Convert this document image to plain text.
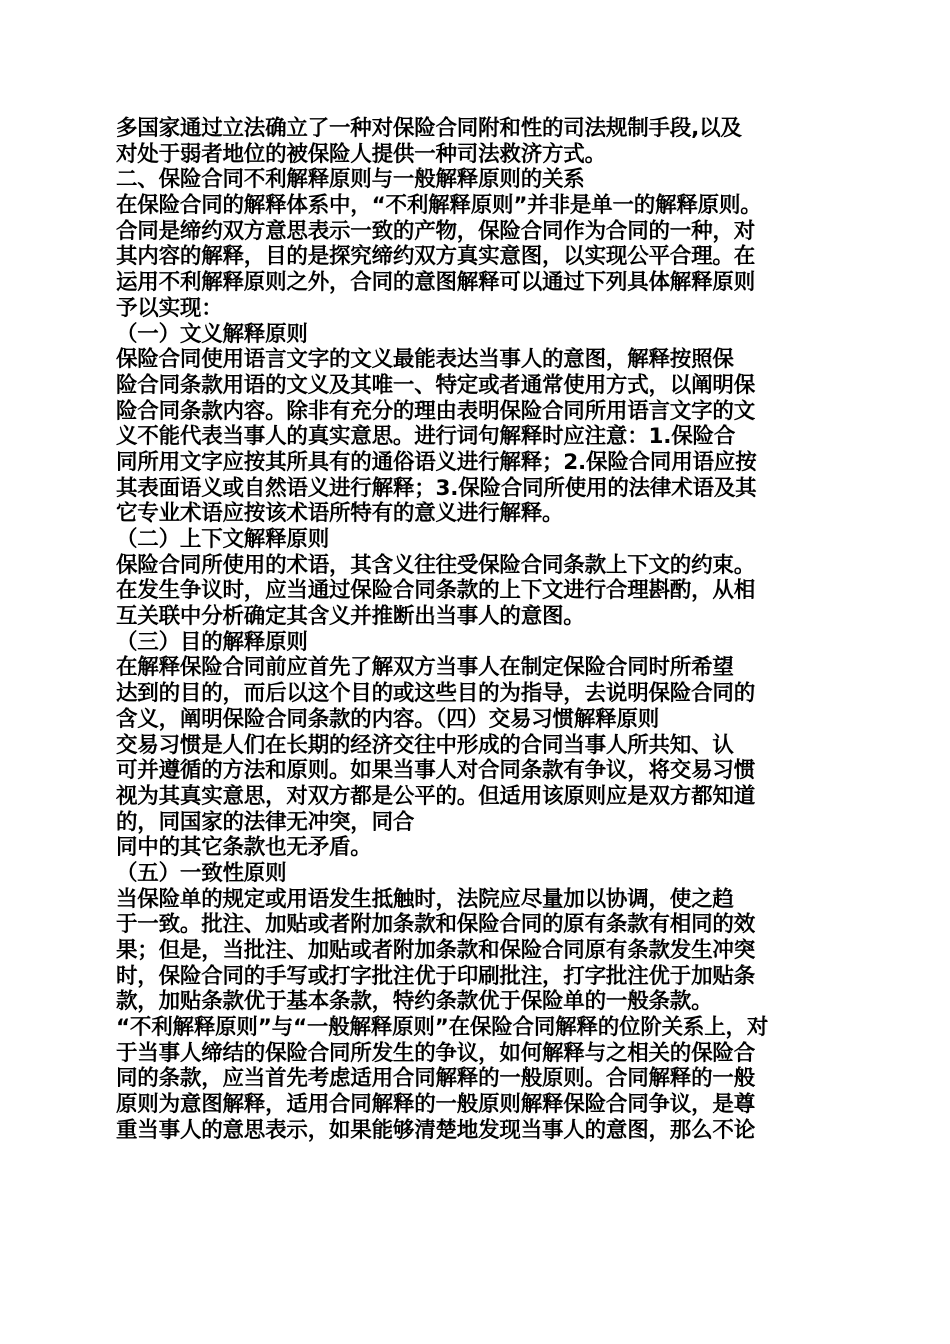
多国家通过立法确立了一种对保险合同附和性的司法规制手段,以及
对处于弱者地位的被保险人提供一种司法救济方式。
二、保险合同不利解释原则与一般解释原则的关系
在保险合同的解释体系中，“不利解释原则”并非是单一的解释原则。
合同是缔约双方意思表示一致的产物，保险合同作为合同的一种，对
其内容的解释，目的是探究缔约双方真实意图，以实现公平合理。在
运用不利解释原则之外，合同的意图解释可以通过下列具体解释原则
予以实现：
（一）文义解释原则
保险合同使用语言文字的文义最能表达当事人的意图，解释按照保
险合同条款用语的文义及其唯一、特定或者通常使用方式，以阐明保
险合同条款内容。除非有充分的理由表明保险合同所用语言文字的文
义不能代表当事人的真实意思。进行词句解释时应注意：1.保险合
同所用文字应按其所具有的通俗语义进行解释；2.保险合同用语应按
其表面语义或自然语义进行解释；3.保险合同所使用的法律术语及其
它专业术语应按该术语所特有的意义进行解释。
（二）上下文解释原则
保险合同所使用的术语，其含义往往受保险合同条款上下文的约束。
在发生争议时，应当通过保险合同条款的上下文进行合理斟酌，从相
互关联中分析确定其含义并推断出当事人的意图。
（三）目的解释原则
在解释保险合同前应首先了解双方当事人在制定保险合同时所希望
达到的目的，而后以这个目的或这些目的为指导，去说明保险合同的
含义，阐明保险合同条款的内容。（四）交易习惯解释原则
交易习惯是人们在长期的经济交往中形成的合同当事人所共知、认
可并遵循的方法和原则。如果当事人对合同条款有争议，将交易习惯
视为其真实意思，对双方都是公平的。但适用该原则应是双方都知道
的，同国家的法律无冲突，同合
同中的其它条款也无矛盾。
（五）一致性原则
当保险单的规定或用语发生抵触时，法院应尽量加以协调，使之趋
于一致。批注、加贴或者附加条款和保险合同的原有条款有相同的效
果；但是，当批注、加贴或者附加条款和保险合同原有条款发生冲突
时，保险合同的手写或打字批注优于印刷批注，打字批注优于加贴条
款，加贴条款优于基本条款，特约条款优于保险单的一般条款。
“不利解释原则”与“一般解释原则”在保险合同解释的位阶关系上，对
于当事人缔结的保险合同所发生的争议，如何解释与之相关的保险合
同的条款，应当首先考虑适用合同解释的一般原则。合同解释的一般
原则为意图解释，适用合同解释的一般原则解释保险合同争议，是尊
重当事人的意思表示，如果能够清楚地发现当事人的意图，那么不论
